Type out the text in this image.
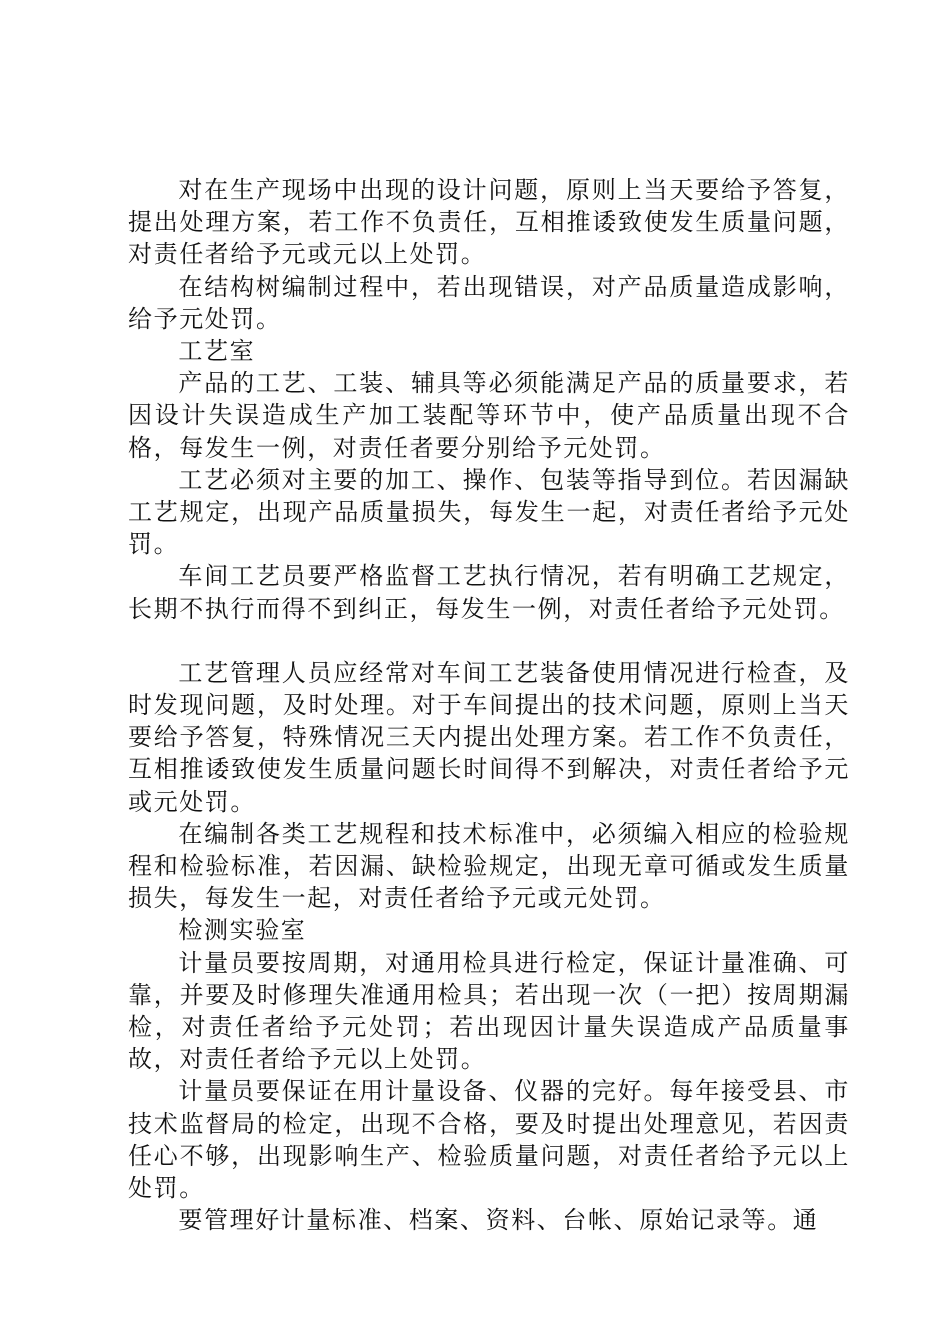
对在生产现场中出现的设计问题，原则上当天要给予答复，提出处理方案，若工作不负责任，互相推诿致使发生质量问题，对责任者给予元或元以上处罚。

在结构树编制过程中，若出现错误，对产品质量造成影响，给予元处罚。

工艺室

产品的工艺、工装、辅具等必须能满足产品的质量要求，若因设计失误造成生产加工装配等环节中，使产品质量出现不合格，每发生一例，对责任者要分别给予元处罚。

工艺必须对主要的加工、操作、包装等指导到位。若因漏缺工艺规定，出现产品质量损失，每发生一起，对责任者给予元处罚。

车间工艺员要严格监督工艺执行情况，若有明确工艺规定，长期不执行而得不到纠正，每发生一例，对责任者给予元处罚。

工艺管理人员应经常对车间工艺装备使用情况进行检查，及时发现问题，及时处理。对于车间提出的技术问题，原则上当天要给予答复，特殊情况三天内提出处理方案。若工作不负责任，互相推诿致使发生质量问题长时间得不到解决，对责任者给予元或元处罚。

在编制各类工艺规程和技术标准中，必须编入相应的检验规程和检验标准，若因漏、缺检验规定，出现无章可循或发生质量损失，每发生一起，对责任者给予元或元处罚。

检测实验室

计量员要按周期，对通用检具进行检定，保证计量准确、可靠，并要及时修理失准通用检具；若出现一次（一把）按周期漏检，对责任者给予元处罚；若出现因计量失误造成产品质量事故，对责任者给予元以上处罚。

计量员要保证在用计量设备、仪器的完好。每年接受县、市技术监督局的检定，出现不合格，要及时提出处理意见，若因责任心不够，出现影响生产、检验质量问题，对责任者给予元以上处罚。

要管理好计量标准、档案、资料、台帐、原始记录等。通
